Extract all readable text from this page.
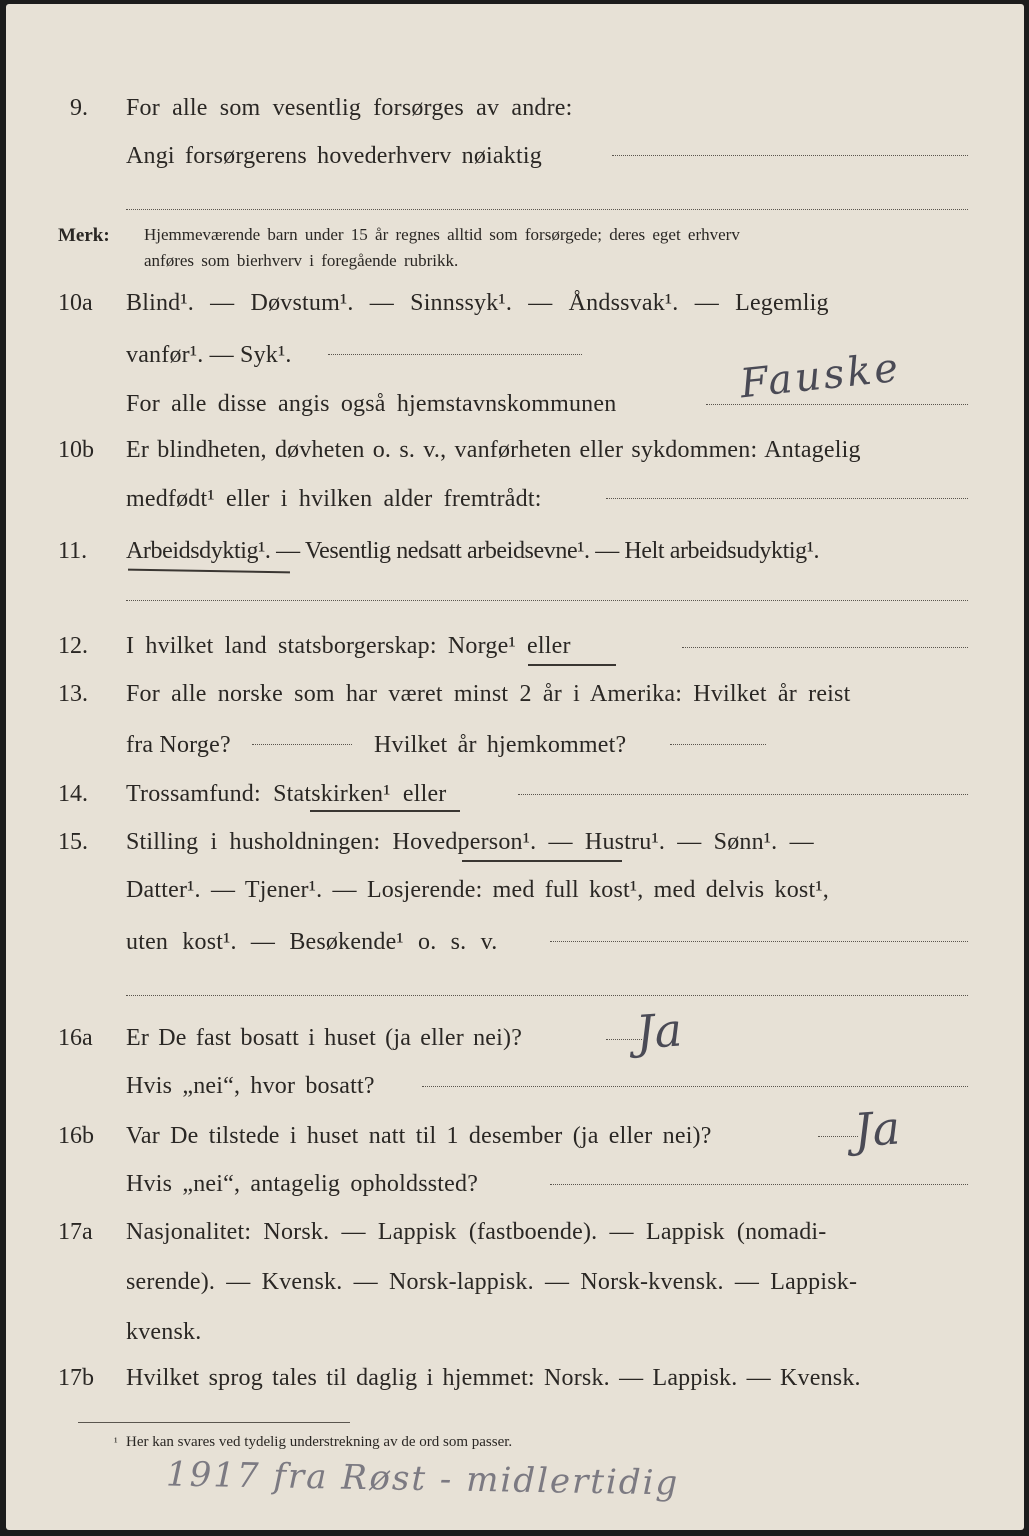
9. For alle som vesentlig forsørges av andre:
Angi forsørgerens hovederhverv nøiaktig
Merk: Hjemmeværende barn under 15 år regnes alltid som forsørgede; deres eget erhverv
anføres som bierhverv i foregående rubrikk.
10a Blind¹. — Døvstum¹. — Sinnssyk¹. — Åndssvak¹. — Legemlig
vanfør¹. — Syk¹.
For alle disse angis også hjemstavnskommunen	Fauske
10b Er blindheten, døvheten o. s. v., vanførheten eller sykdommen: Antagelig
medfødt¹ eller i hvilken alder fremtrådt:
11. Arbeidsdyktig¹. — Vesentlig nedsatt arbeidsevne¹. — Helt arbeidsudyktig¹.
12. I hvilket land statsborgerskap: Norge¹ eller
13. For alle norske som har været minst 2 år i Amerika: Hvilket år reist
fra Norge?	Hvilket år hjemkommet?
14. Trossamfund: Statskirken¹ eller
15. Stilling i husholdningen: Hovedperson¹. — Hustru¹. — Sønn¹. —
Datter¹. — Tjener¹. — Losjerende: med full kost¹, med delvis kost¹,
uten kost¹. — Besøkende¹ o. s. v.
16a Er De fast bosatt i huset (ja eller nei)? Ja
Hvis „nei“, hvor bosatt?
16b Var De tilstede i huset natt til 1 desember (ja eller nei)?	Ja
Hvis „nei“, antagelig opholdssted?
17a Nasjonalitet: Norsk. — Lappisk (fastboende). — Lappisk (nomadi-
serende). — Kvensk. — Norsk-lappisk. — Norsk-kvensk. — Lappisk-
kvensk.
17b Hvilket sprog tales til daglig i hjemmet: Norsk. — Lappisk. — Kvensk.
¹ Her kan svares ved tydelig understrekning av de ord som passer.
1917 fra Røst - midlertidig
